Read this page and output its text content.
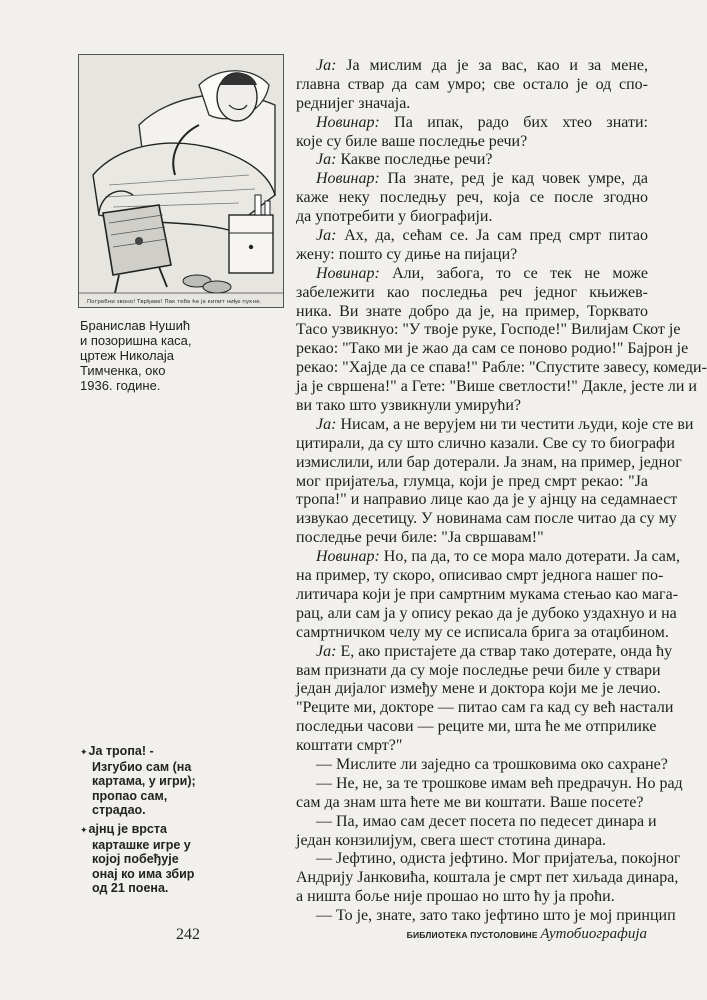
Погребни звоно! Тврђаве! Пак тебе ће ја кипит ниђе пукне.
Бранислав Нушић
и позоришна каса,
цртеж Николаја
Тимченка, око
1936. године.
✦Ја тропа! -
Изгубио сам (на
картама, у игри);
пропао сам,
страдао.
✦ајнц је врста
карташке игре у
којој побеђује
онај ко има збир
од 21 поена.
Ја: Ја мислим да је за вас, као и за мене,
главна ствар да сам умро; све остало је од спо-
реднијег значаја.
Новинар: Па ипак, радо бих хтео знати:
које су биле ваше последње речи?
Ја: Какве последње речи?
Новинар: Па знате, ред је кад човек умре, да
каже неку последњу реч, која се после згодно
да употребити у биографији.
Ја: Ах, да, сећам се. Ја сам пред смрт питао
жену: пошто су диње на пијаци?
Новинар: Али, забога, то се тек не може
забележити као последња реч једног књижев-
ника. Ви знате добро да је, на пример, Торквато
Тасо узвикнуо: "У твоје руке, Господе!" Вилијам Скот је
рекао: "Тако ми је жао да сам се поново родио!" Бајрон је
рекао: "Хајде да се спава!" Рабле: "Спустите завесу, комеди-
ја је свршена!" а Гете: "Више светлости!" Дакле, јесте ли и
ви тако што узвикнули умирући?
Ја: Нисам, а не верујем ни ти честити људи, које сте ви
цитирали, да су што слично казали. Све су то биографи
измислили, или бар дотерали. Ја знам, на пример, једног
мог пријатеља, глумца, који је пред смрт рекао: "Ја
тропа!" и направио лице као да је у ајнцу на седамнаест
извукао десетицу. У новинама сам после читао да су му
последње речи биле: "Ја свршавам!"
Новинар: Но, па да, то се мора мало дотерати. Ја сам,
на пример, ту скоро, описивао смрт једнога нашег по-
литичара који је при самртним мукама стењао као мага-
рац, али сам ја у опису рекао да је дубоко уздахнуо и на
самртничком челу му се исписала брига за отаџбином.
Ја: Е, ако пристајете да ствар тако дотерате, онда ћу
вам признати да су моје последње речи биле у ствари
један дијалог између мене и доктора који ме је лечио.
"Реците ми, докторе — питао сам га кад су већ настали
последњи часови — реците ми, шта ће ме отприлике
коштати смрт?"
— Мислите ли заједно са трошковима око сахране?
— Не, не, за те трошкове имам већ предрачун. Но рад
сам да знам шта ћете ме ви коштати. Ваше посете?
— Па, имао сам десет посета по педесет динара и
један конзилијум, свега шест стотина динара.
— Јефтино, одиста јефтино. Мог пријатеља, покојног
Андрију Јанковића, коштала је смрт пет хиљада динара,
а ништа боље није прошао но што ћу ја проћи.
— То је, знате, зато тако јефтино што је мој принцип
242	БИБЛИОТЕКА ПУСТОЛОВИНЕ Аутобиографија
